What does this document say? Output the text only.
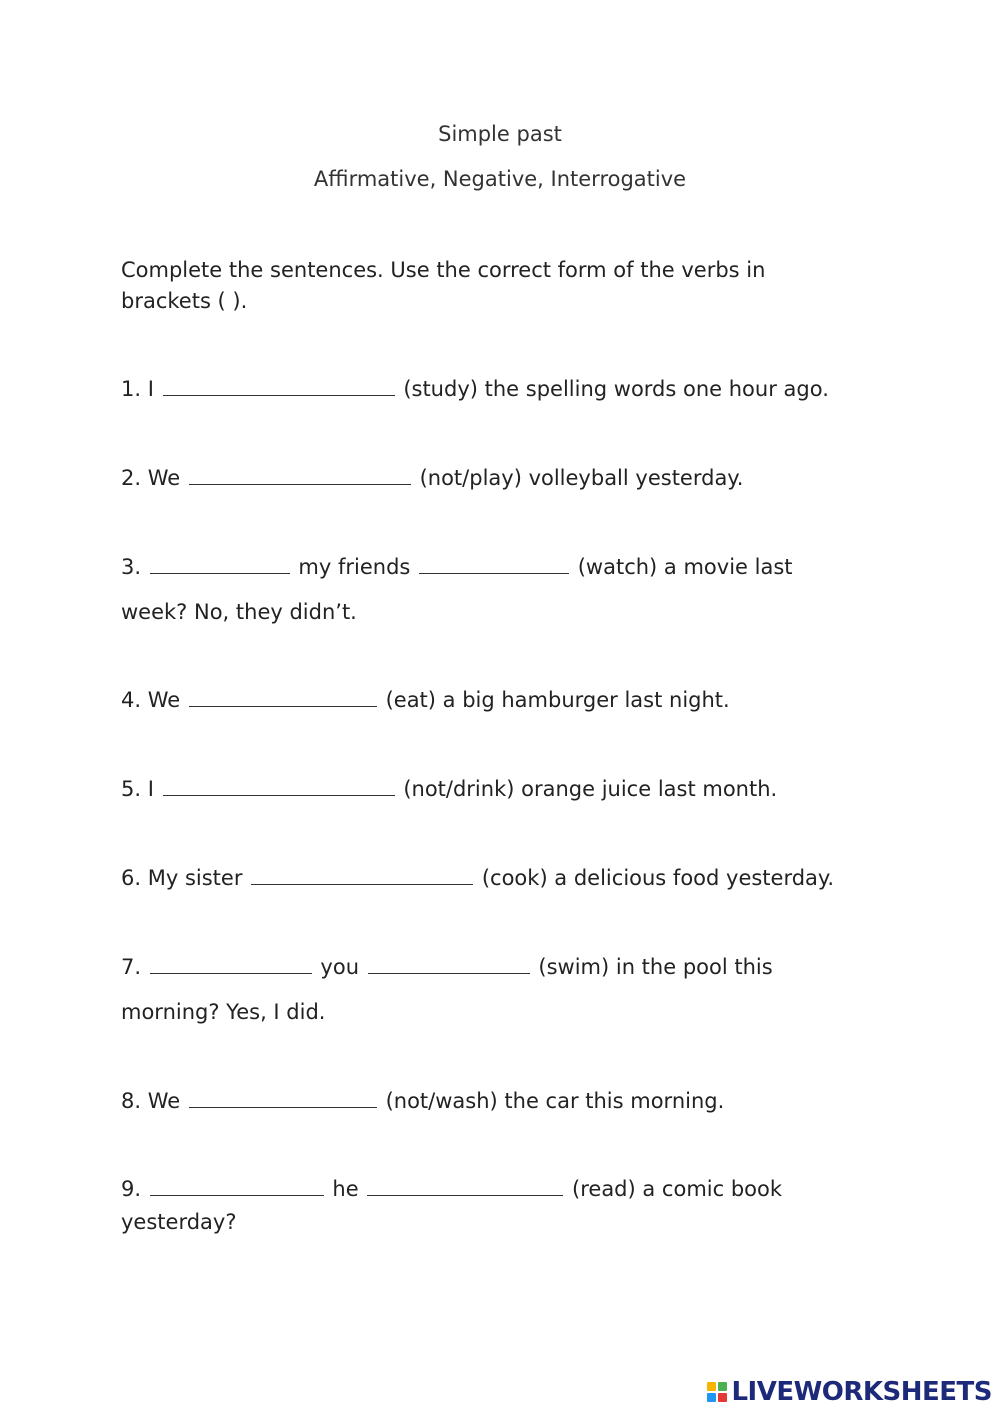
Simple past
Affirmative, Negative, Interrogative

Complete the sentences. Use the correct form of the verbs in brackets ( ).

1. I	(study) the spelling words one hour ago.

2. We	(not/play) volleyball yesterday.

3.	my friends	(watch) a movie last
week? No, they didn’t.

4. We	(eat) a big hamburger last night.

5. I	(not/drink) orange juice last month.

6. My sister	(cook) a delicious food yesterday.

7.	you	(swim) in the pool this
morning? Yes, I did.

8. We	(not/wash) the car this morning.

9.	he	(read) a comic book
yesterday?

LIVEWORKSHEETS
